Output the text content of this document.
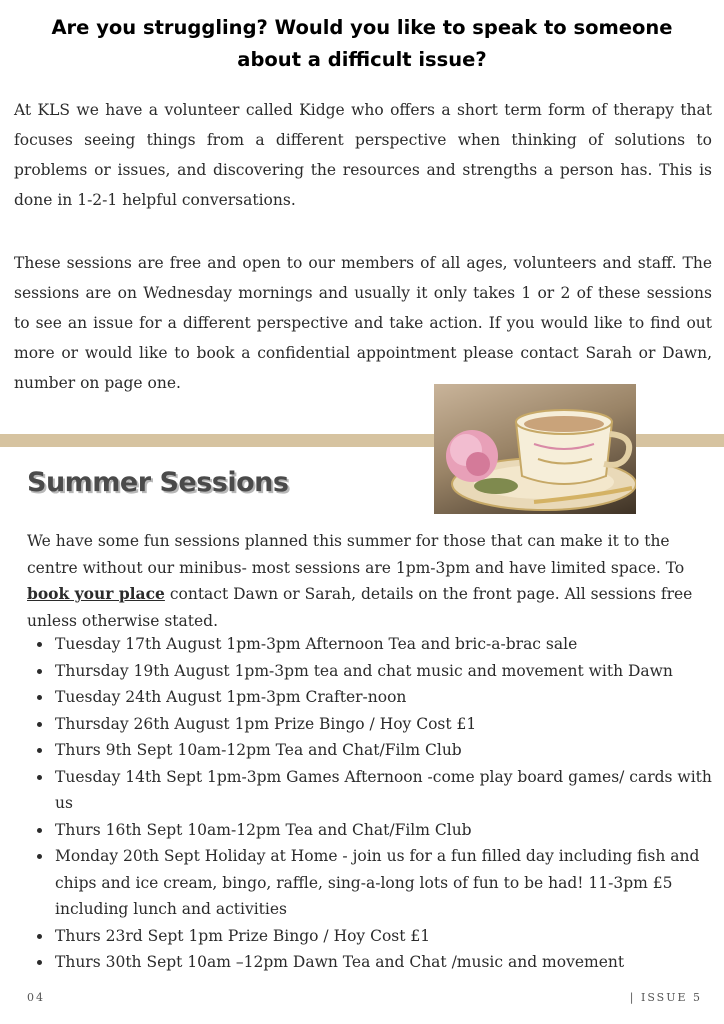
Are you struggling? Would you like to speak to someone
about a difficult issue?

At KLS we have a volunteer called Kidge who offers a short term form of therapy that focuses seeing things from a different perspective when thinking of solutions to problems or issues, and discovering the resources and strengths a person has. This is done in 1-2-1 helpful conversations.

These sessions are free and open to our members of all ages, volunteers and staff. The sessions are on Wednesday mornings and usually it only takes 1 or 2 of these sessions to see an issue for a different perspective and take action. If you would like to find out more or would like to book a confidential appointment please contact Sarah or Dawn, number on page one.

Summer Sessions

We have some fun sessions planned this summer for those that can make it to the centre without our minibus- most sessions are 1pm-3pm and have limited space. To book your place contact Dawn or Sarah, details on the front page. All sessions free unless otherwise stated.

Tuesday 17th August 1pm-3pm Afternoon Tea and bric-a-brac sale
Thursday 19th August 1pm-3pm tea and chat music and movement with Dawn
Tuesday 24th August 1pm-3pm Crafter-noon
Thursday 26th August 1pm Prize Bingo / Hoy Cost £1
Thurs 9th Sept 10am-12pm Tea and Chat/Film Club
Tuesday 14th Sept 1pm-3pm Games Afternoon -come play board games/ cards with us
Thurs 16th Sept 10am-12pm Tea and Chat/Film Club
Monday 20th Sept Holiday at Home - join us for a fun filled day including fish and chips and ice cream, bingo, raffle, sing-a-long lots of fun to be had! 11-3pm £5 including lunch and activities
Thurs 23rd Sept 1pm Prize Bingo / Hoy Cost £1
Thurs 30th Sept 10am –12pm Dawn Tea and Chat /music and movement
04	| ISSUE 5
